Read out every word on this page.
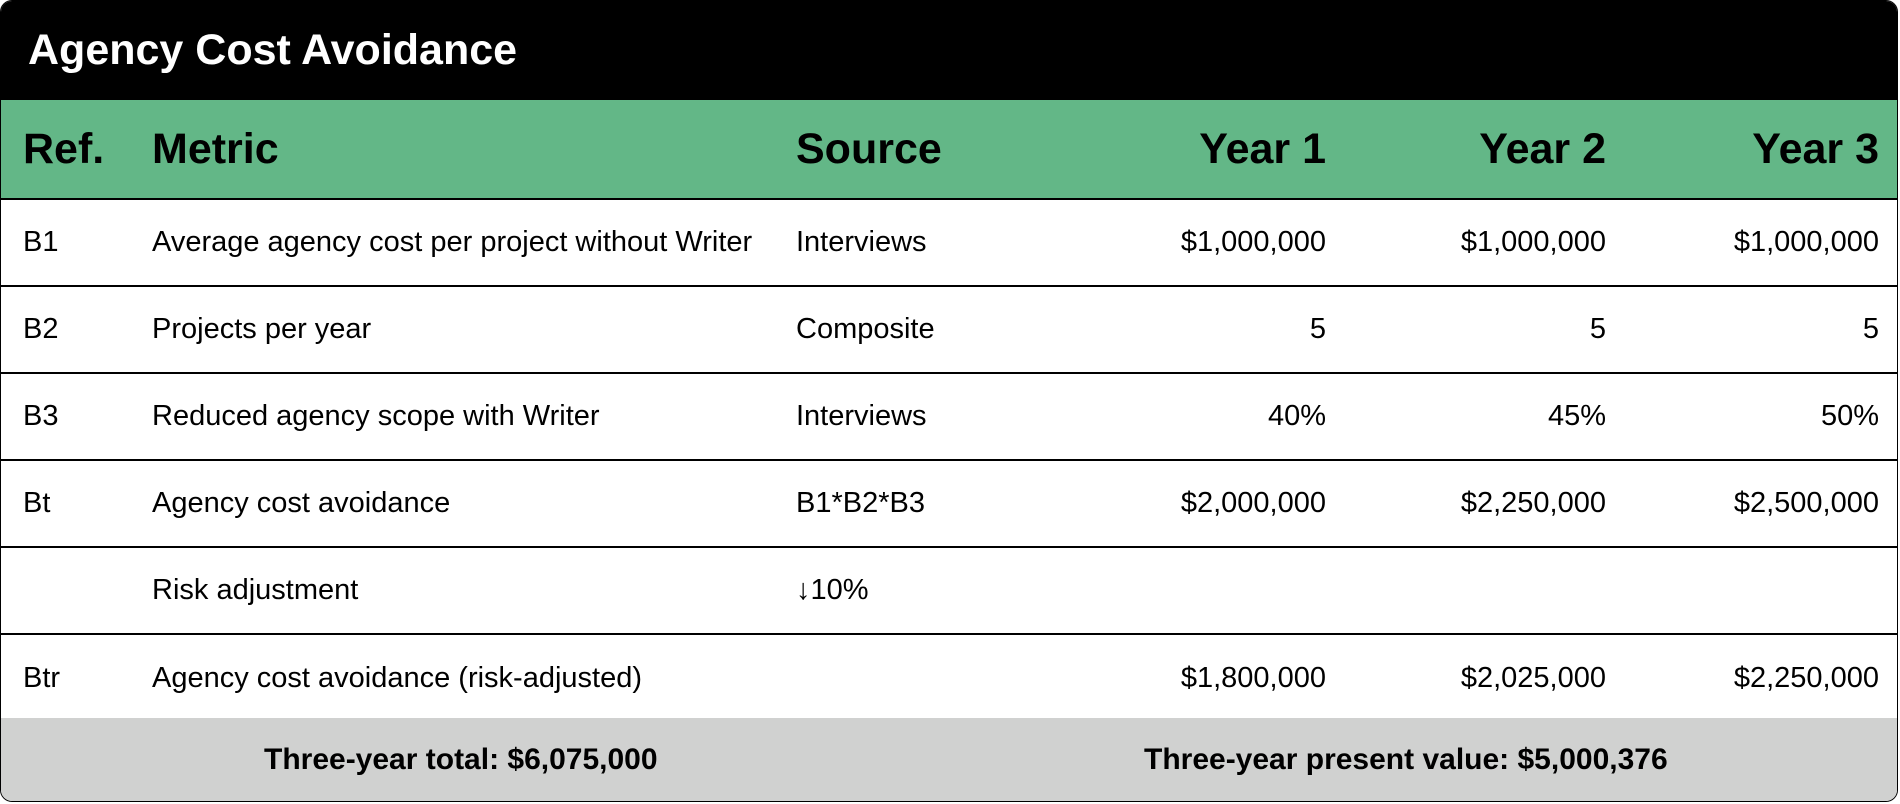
Agency Cost Avoidance
Ref.	Metric	Source	Year 1	Year 2	Year 3
B1	Average agency cost per project without Writer	Interviews	$1,000,000	$1,000,000	$1,000,000
B2	Projects per year	Composite	5	5	5
B3	Reduced agency scope with Writer	Interviews	40%	45%	50%
Bt	Agency cost avoidance	B1*B2*B3	$2,000,000	$2,250,000	$2,500,000
	Risk adjustment	↓10%			
Btr	Agency cost avoidance (risk-adjusted)		$1,800,000	$2,025,000	$2,250,000
Three-year total: $6,075,000	Three-year present value: $5,000,376
